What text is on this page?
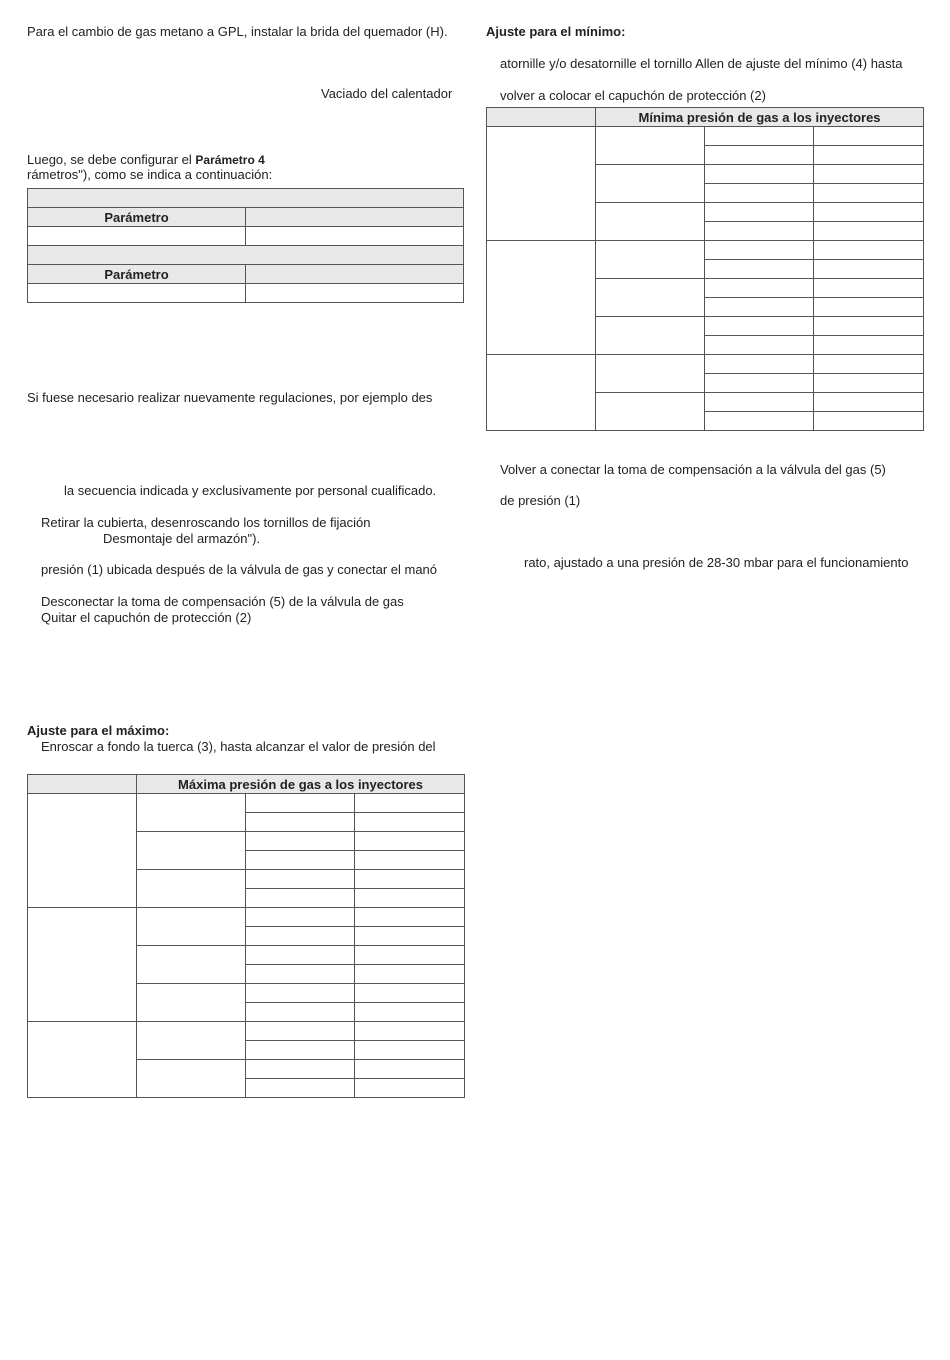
Para el cambio de gas metano a GPL, instalar la brida del quemador (H).
Vaciado del calentador
Luego, se debe configurar el Parámetro 4
rámetros"), como se indica a continuación:

Parámetro	

Parámetro	

Si fuese necesario realizar nuevamente regulaciones, por ejemplo des
la secuencia indicada y exclusivamente por personal cualificado.
Retirar la cubierta, desenroscando los tornillos de fijación
Desmontaje del armazón").
presión (1) ubicada después de la válvula de gas y conectar el manó
Desconectar la toma de compensación (5) de la válvula de gas
Quitar el capuchón de protección (2)
Ajuste para el máximo:
Enroscar a fondo la tuerca (3), hasta alcanzar el valor de presión del
	Máxima presión de gas a los inyectores		

Ajuste para el mínimo:
atornille y/o desatornille el tornillo Allen de ajuste del mínimo (4) hasta
volver a colocar el capuchón de protección (2)
	Mínima presión de gas a los inyectores		

Volver a conectar la toma de compensación a la válvula del gas (5)
de presión (1)
rato, ajustado a una presión de 28-30 mbar para el funcionamiento
